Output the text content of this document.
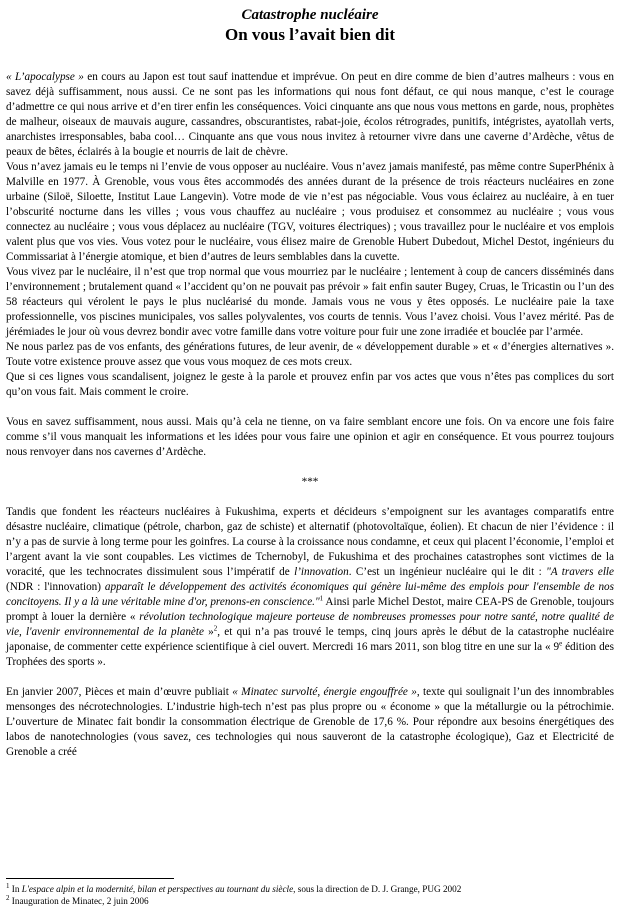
Catastrophe nucléaire
On vous l’avait bien dit

« L’apocalypse » en cours au Japon est tout sauf inattendue et imprévue. On peut en dire comme de bien d’autres malheurs : vous en savez déjà suffisamment, nous aussi. Ce ne sont pas les informations qui nous font défaut, ce qui nous manque, c’est le courage d’admettre ce qui nous arrive et d’en tirer enfin les conséquences. Voici cinquante ans que nous vous mettons en garde, nous, prophètes de malheur, oiseaux de mauvais augure, cassandres, obscurantistes, rabat-joie, écolos rétrogrades, punitifs, intégristes, ayatollah verts, anarchistes irresponsables, baba cool… Cinquante ans que vous nous invitez à retourner vivre dans une caverne d’Ardèche, vêtus de peaux de bêtes, éclairés à la bougie et nourris de lait de chèvre.

Vous n’avez jamais eu le temps ni l’envie de vous opposer au nucléaire. Vous n’avez jamais manifesté, pas même contre SuperPhénix à Malville en 1977. À Grenoble, vous vous êtes accommodés des années durant de la présence de trois réacteurs nucléaires en zone urbaine (Siloë, Siloette, Institut Laue Langevin). Votre mode de vie n’est pas négociable. Vous vous éclairez au nucléaire, à en tuer l’obscurité nocturne dans les villes ; vous vous chauffez au nucléaire ; vous produisez et consommez au nucléaire ; vous vous connectez au nucléaire ; vous vous déplacez au nucléaire (TGV, voitures électriques) ; vous travaillez pour le nucléaire et vos emplois valent plus que vos vies. Vous votez pour le nucléaire, vous élisez maire de Grenoble Hubert Dubedout, Michel Destot, ingénieurs du Commissariat à l’énergie atomique, et bien d’autres de leurs semblables dans la cuvette.

Vous vivez par le nucléaire, il n’est que trop normal que vous mourriez par le nucléaire ; lentement à coup de cancers disséminés dans l’environnement ; brutalement quand « l’accident qu’on ne pouvait pas prévoir » fait enfin sauter Bugey, Cruas, le Tricastin ou l’un des 58 réacteurs qui vérolent le pays le plus nucléarisé du monde. Jamais vous ne vous y êtes opposés. Le nucléaire paie la taxe professionnelle, vos piscines municipales, vos salles polyvalentes, vos courts de tennis. Vous l’avez choisi. Vous l’avez mérité. Pas de jérémiades le jour où vous devrez bondir avec votre famille dans votre voiture pour fuir une zone irradiée et bouclée par l’armée.

Ne nous parlez pas de vos enfants, des générations futures, de leur avenir, de « développement durable » et « d’énergies alternatives ». Toute votre existence prouve assez que vous vous moquez de ces mots creux.

Que si ces lignes vous scandalisent, joignez le geste à la parole et prouvez enfin par vos actes que vous n’êtes pas complices du sort qu’on vous fait. Mais comment le croire.

Vous en savez suffisamment, nous aussi. Mais qu’à cela ne tienne, on va faire semblant encore une fois. On va encore une fois faire comme s’il vous manquait les informations et les idées pour vous faire une opinion et agir en conséquence. Et vous pourrez toujours nous renvoyer dans nos cavernes d’Ardèche.

***

Tandis que fondent les réacteurs nucléaires à Fukushima, experts et décideurs s’empoignent sur les avantages comparatifs entre désastre nucléaire, climatique (pétrole, charbon, gaz de schiste) et alternatif (photovoltaïque, éolien). Et chacun de nier l’évidence : il n’y a pas de survie à long terme pour les goinfres. La course à la croissance nous condamne, et ceux qui placent l’économie, l’emploi et l’argent avant la vie sont coupables. Les victimes de Tchernobyl, de Fukushima et des prochaines catastrophes sont victimes de la voracité, que les technocrates dissimulent sous l’impératif de l’innovation. C’est un ingénieur nucléaire qui le dit : "A travers elle (NDR : l'innovation) apparaît le développement des activités économiques qui génère lui-même des emplois pour l'ensemble de nos concitoyens. Il y a là une véritable mine d'or, prenons-en conscience."$^1$ Ainsi parle Michel Destot, maire CEA-PS de Grenoble, toujours prompt à louer la dernière « révolution technologique majeure porteuse de nombreuses promesses pour notre santé, notre qualité de vie, l'avenir environnemental de la planète »$^2$, et qui n’a pas trouvé le temps, cinq jours après le début de la catastrophe nucléaire japonaise, de commenter cette expérience scientifique à ciel ouvert. Mercredi 16 mars 2011, son blog titre en une sur la « 9e édition des Trophées des sports ».

En janvier 2007, Pièces et main d’œuvre publiait « Minatec survolté, énergie engouffrée », texte qui soulignait l’un des innombrables mensonges des nécrotechnologies. L’industrie high-tech n’est pas plus propre ou « économe » que la métallurgie ou la pétrochimie. L’ouverture de Minatec fait bondir la consommation électrique de Grenoble de 17,6 %. Pour répondre aux besoins énergétiques des labos de nanotechnologies (vous savez, ces technologies qui nous sauveront de la catastrophe écologique), Gaz et Electricité de Grenoble a créé

$^1$ In L'espace alpin et la modernité, bilan et perspectives au tournant du siècle, sous la direction de D. J. Grange, PUG 2002

$^2$ Inauguration de Minatec, 2 juin 2006
